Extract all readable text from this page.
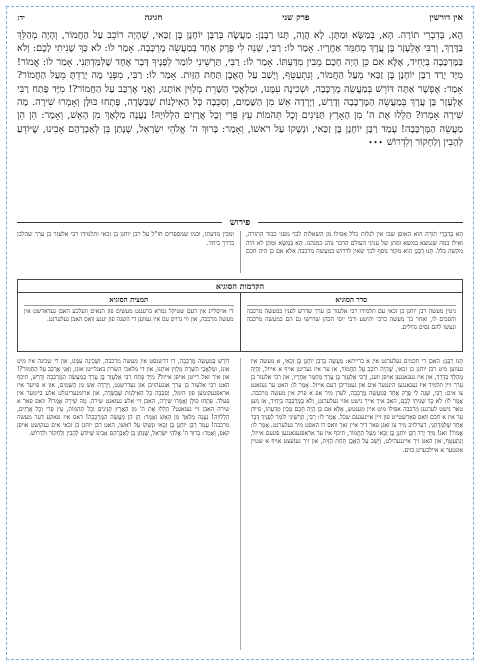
אין דורשין
פרק שני
חגיגה
יד:
הָא, בְּדִבְרֵי תוֹרָה. הָא, בְּמַשָּׂא וּמַתָּן. לָא הֲוָה, תָּנוּ רַבָּנַן: מַעֲשֶׂה בְּרַבָּן יוֹחָנָן בֶּן זַכַּאי, שֶׁהָיָה רוֹכֵב עַל הַחֲמוֹר, וְהָיָה מְהַלֵּךְ בַּדֶּרֶךְ, וְרַבִּי אֶלְעָזָר בֶּן עֲרָךְ מְחַמֵּר אַחֲרָיו. אָמַר לוֹ: רַבִּי, שְׁנֵה לִי פֶּרֶק אֶחָד בְּמַעֲשֵׂה מֶרְכָּבָה. אָמַר לוֹ: לֹא כָּךְ שָׁנִיתִי לָכֶם: וְלֹא בַּמֶּרְכָּבָה בְּיָחִיד, אֶלָּא אִם כֵּן הָיָה חָכָם מֵבִין מִדַּעְתּוֹ. אָמַר לוֹ: רַבִּי, תַּרְשֵׁינִי לוֹמַר לְפָנֶיךָ דָּבָר אֶחָד שֶׁלִּמַּדְתַּנִי. אָמַר לוֹ: אֱמוֹר! מִיָּד יָרַד רַבָּן יוֹחָנָן בֶּן זַכַּאי מֵעַל הַחֲמוֹר, וְנִתְעַטֵּף, וְיָשַׁב עַל הָאֶבֶן תַּחַת הַזַּיִת. אָמַר לוֹ: רַבִּי, מִפְּנֵי מָה יָרַדְתָּ מֵעַל הַחֲמוֹר? אָמַר: אֶפְשָׁר אַתָּה דּוֹרֵשׁ בְּמַעֲשֵׂה מֶרְכָּבָה, וּשְׁכִינָה עִמָּנוּ, וּמַלְאֲכֵי הַשָּׁרֵת מְלַוִּין אוֹתָנוּ, וַאֲנִי אֶרְכַּב עַל הַחֲמוֹר?! מִיָּד פָּתַח רַבִּי אֶלְעָזָר בֶּן עֲרָךְ בְּמַעֲשֵׂה הַמֶּרְכָּבָה וְדָרַשׁ, וְיָרְדָה אֵשׁ מִן הַשָּׁמַיִם, וְסִכְּבָה כָּל הָאִילָנוֹת שֶׁבַּשָּׂדֶה, פָּתְחוּ כּוּלָּן וְאָמְרוּ שִׁירָה. מָה שִׁירָה אָמְרוּ? הַלְלוּ אֶת ה' מִן הָאָרֶץ תַּנִּינִים וְכָל תְּהֹמוֹת עֵץ פְּרִי וְכָל אֲרָזִים הַלְלוּיָהּ! נַעֲנָה מַלְאָךְ מִן הָאֵשׁ, וְאָמַר: הֵן הֵן מַעֲשֵׂה הַמֶּרְכָּבָה! עָמַד רַבָּן יוֹחָנָן בֶּן זַכַּאי, וּנְשָׁקוֹ עַל רֹאשׁוֹ, וְאָמַר: בָּרוּךְ ה' אֱלֹהֵי יִשְׂרָאֵל, שֶׁנָּתַן בֵּן לְאַבְרָהָם אָבִינוּ, שֶׁיּוֹדֵעַ לְהָבִין וְלַחְקוֹר וְלִדְרוֹשׁ •••
פירוש
הָא בְּדִבְרֵי תוֹרָה הוא האופן שבו אין לגלות כלל אפילו מן השאלות לבר מפני כבוד התורה, ואילו במה שנמצא במשא ומתן של עניני העולם הדבר נוהג כמנהגו. הָא בְּמַשָּׂא וּמַתָּן לא היה מקשה כלל. תָּנוּ רַבָּנַן הוא מקור נוסף לכך שאין לדרוש במעשה מרכבה אלא אם כן היה חכם ומבין מדעתו, וכמו שמספרים חז"ל על רבן יוחנן בן זכאי ותלמידו רבי אלעזר בן ערך שהלכו בדרך ביחד.
הקדמות הסוגיא
סדר הסוגיא

גיטין מעשה רבן יוחנן בן זכאי עם תלמידו רבי אלעזר בן ערך שדרש לפניו במעשה מרכבה והסכים לו, ואחר כך מעשה ברבי יהושע ורבי יוסי הכהן שדרשו גם הם במעשה מרכבה ונעשו להם נסים גדולים.

תמצית הסוגיא

די אויסלייג אין דעם שטיקל גמרא ברענגט מעשים פון תנאים וועלכע האבן געדארשט אין מעשה מרכבה, און ווי גרויס עס איז געווען די השגה פון יענע וואס האבן געלערנט.

תָּנוּ רַבָּנַן: האבן די חכמים געלערנט אין א ברייתא: מַעֲשֶׂה בְּרַבָּן יוֹחָנָן בֶּן זַכַּאי, א מעשה איז געווען מיט רבן יוחנן בן זכאי, שֶׁהָיָה רוֹכֵב עַל הַחֲמוֹר, אז ער איז געריטן אויף א אייזל, וְהָיָה מְהַלֵּךְ בַּדֶּרֶךְ, און איז געגאנגען אויפן וועג, וְרַבִּי אֶלְעָזָר בֶּן עֲרָךְ מְחַמֵּר אַחֲרָיו, און רבי אלעזר בן ערך זיין תלמיד איז געגאנגען הינטער אים און געטריבן דעם אייזל. אָמַר לוֹ: האט ער געזאגט צו אים: רַבִּי, שְׁנֵה לִי פֶּרֶק אֶחָד בְּמַעֲשֵׂה מֶרְכָּבָה, לערן מיר אפ א פרק אין מעשה מרכבה. אָמַר לוֹ: לֹא כָּךְ שָׁנִיתִי לָכֶם, האב איך אייך נישט אזוי געלערנט, וְלֹא בַּמֶּרְכָּבָה בְּיָחִיד, אַז מען טאר נישט לערנען מרכבה אפילו מיט איין מענטש, אֶלָּא אִם כֵּן הָיָה חָכָם מֵבִין מִדַּעְתּוֹ, סיידן ער איז א חכם וואס פארשטייט פון זיין אייגענעם שכל. אָמַר לוֹ: רַבִּי, תַּרְשֵׁינִי לוֹמַר לְפָנֶיךָ דָּבָר אֶחָד שֶׁלִּמַּדְתַּנִי, דערלויב מיר צו זאגן פאר דיר איין זאך וואס דו האסט מיך געלערנט. אָמַר לוֹ: אֱמוֹר! זאג! מִיָּד יָרַד רַבָּן יוֹחָנָן בֶּן זַכַּאי מֵעַל הַחֲמוֹר, תיכף איז ער אראפגעגאנגען פונעם אייזל, וְנִתְעַטֵּף, און האט זיך איינגעהילט, וְיָשַׁב עַל הָאֶבֶן תַּחַת הַזַּיִת, און זיך געזעצט אויף א שטיין אונטער א איילבערט בוים.
דּוֹרֵשׁ בְּמַעֲשֵׂה מֶרְכָּבָה, דו דרשנסט אין מעשה מרכבה, וּשְׁכִינָה עִמָּנוּ, און די שכינה איז מיט אונז, וּמַלְאֲכֵי הַשָּׁרֵת מְלַוִּין אוֹתָנוּ, און די מלאכי השרת באגלייטן אונז, וַאֲנִי אֶרְכַּב עַל הַחֲמוֹר?! און איך זאל רייטן אויפן אייזל? מִיָּד פָּתַח רַבִּי אֶלְעָזָר בֶּן עֲרָךְ בְּמַעֲשֵׂה הַמֶּרְכָּבָה וְדָרַשׁ, תיכף האט רבי אלעזר בן ערך אנגעהויבן און געדרשנט, וְיָרְדָה אֵשׁ מִן הַשָּׁמַיִם, און א פייער איז אראפגעקומען פון הימל, וְסִכְּבָה כָּל הָאִילָנוֹת שֶׁבַּשָּׂדֶה, און ארומגערינגלט אלע ביימער אין פעלד. פָּתְחוּ כּוּלָּן וְאָמְרוּ שִׁירָה, האבן זיי אלע געזאגט שירה. מָה שִׁירָה אָמְרוּ? וואס פאר א שירה האבן זיי געזאגט? הַלְלוּ אֶת ה' מִן הָאָרֶץ תַּנִּינִים וְכָל תְּהֹמוֹת, עֵץ פְּרִי וְכָל אֲרָזִים, הַלְלוּיָהּ! נַעֲנָה מַלְאָךְ מִן הָאֵשׁ וְאָמַר: הֵן הֵן מַעֲשֵׂה הַמֶּרְכָּבָה! דאס איז טאקע דער מעשה מרכבה! עָמַד רַבָּן יוֹחָנָן בֶּן זַכַּאי וּנְשָׁקוֹ עַל רֹאשׁוֹ, האט רבן יוחנן בן זכאי אים געקושט אויפן קאפ, וְאָמַר: בָּרוּךְ ה' אֱלֹהֵי יִשְׂרָאֵל, שֶׁנָּתַן בֵּן לְאַבְרָהָם אָבִינוּ שֶׁיּוֹדֵעַ לְהָבִין וְלַחְקוֹר וְלִדְרוֹשׁ.
